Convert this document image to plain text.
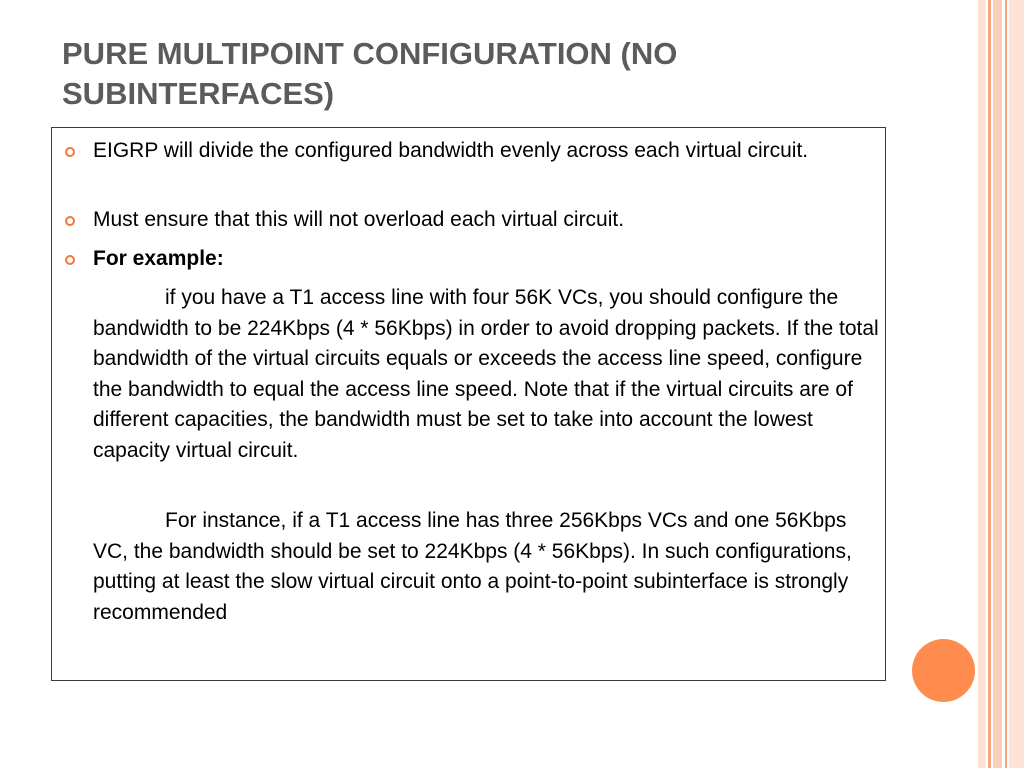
PURE MULTIPOINT CONFIGURATION (NO SUBINTERFACES)
EIGRP will divide the configured bandwidth evenly across each virtual circuit.
Must ensure that this will not overload each virtual circuit.
For example:

if you have a T1 access line with four 56K VCs, you should configure the bandwidth to be 224Kbps (4 * 56Kbps) in order to avoid dropping packets. If the total bandwidth of the virtual circuits equals or exceeds the access line speed, configure the bandwidth to equal the access line speed. Note that if the virtual circuits are of different capacities, the bandwidth must be set to take into account the lowest capacity virtual circuit.

For instance, if a T1 access line has three 256Kbps VCs and one 56Kbps VC, the bandwidth should be set to 224Kbps (4 * 56Kbps). In such configurations, putting at least the slow virtual circuit onto a point-to-point subinterface is strongly recommended
